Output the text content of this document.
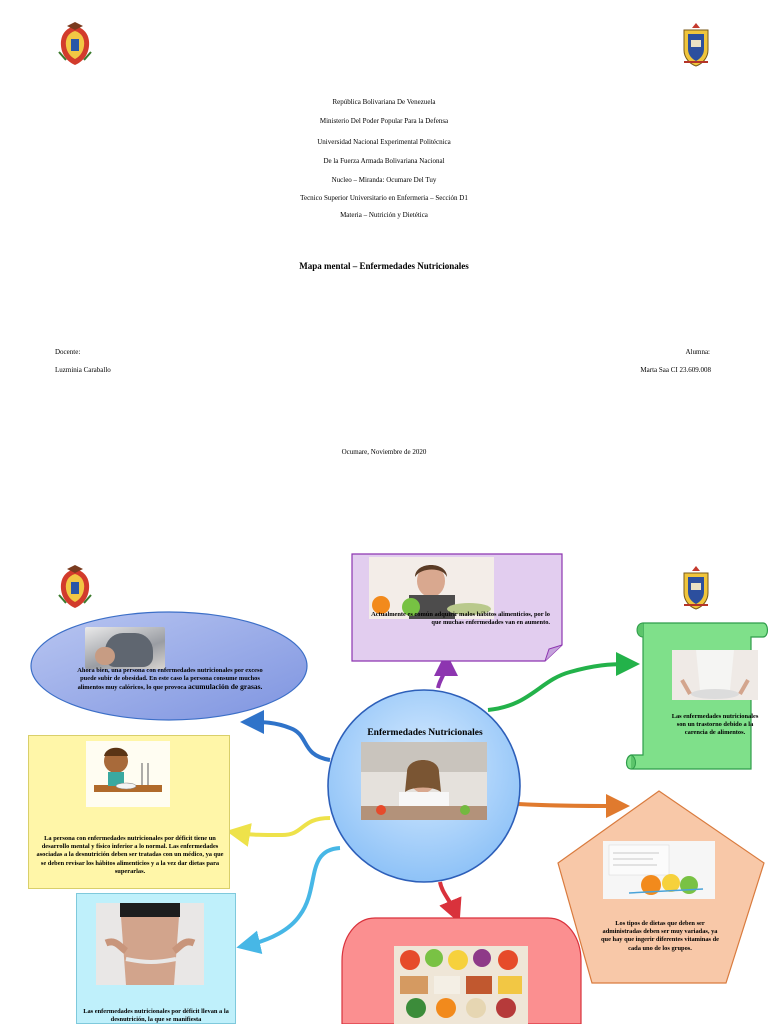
República Bolivariana De Venezuela
Ministerio Del Poder Popular Para la Defensa
Universidad Nacional Experimental Politécnica
De la Fuerza Armada Bolivariana Nacional
Nucleo – Miranda: Ocumare Del Tuy
Tecnico Superior Universitario en Enfermeria – Sección D1
Materia – Nutrición y Dietética
Mapa mental – Enfermedades Nutricionales
Docente:
Luzminia Caraballo
Alumna:
Marta Saa CI 23.609.008
Ocumare, Noviembre de 2020
Ahora bien, una persona con enfermedades nutricionales por exceso puede subir de obesidad. En este caso la persona consume muchos alimentos muy calóricos, lo que provoca acumulación de grasas.
La persona con enfermedades nutricionales por déficit tiene un desarrollo mental y físico inferior a lo normal. Las enfermedades asociadas a la desnutrición deben ser tratadas con un médico, ya que se deben revisar los hábitos alimenticios y a la vez dar dietas para superarlas.
Las enfermedades nutricionales por déficit llevan a la desnutrición, la que se manifiesta
Actualmente es común adquirir malos hábitos alimenticios, por lo que muchas enfermedades van en aumento.
Enfermedades Nutricionales
Las enfermedades nutricionales son un trastorno debido a la carencia de alimentos.
Los tipos de dietas que deben ser administradas deben ser muy variadas, ya que hay que ingerir diferentes vitaminas de cada uno de los grupos.
